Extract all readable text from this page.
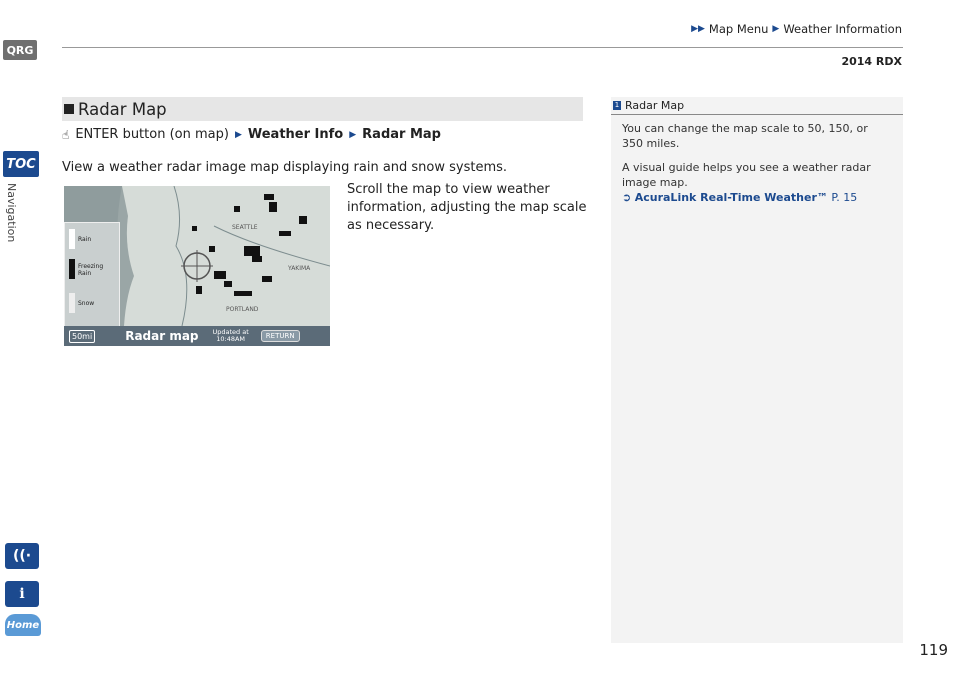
QRG
TOC
Navigation
((·
i
Home
▶▶ Map Menu ▶ Weather Information
2014 RDX
Radar Map
☝ ENTER button (on map) ▶ Weather Info ▶ Radar Map
View a weather radar image map displaying rain and snow systems.
SEATTLE
YAKIMA
PORTLAND
Rain
Freezing Rain
Snow
50mi	Radar map Updated at
10:48AM	RETURN
Scroll the map to view weather information, adjusting the map scale as necessary.
1 Radar Map

You can change the map scale to 50, 150, or 350 miles.

A visual guide helps you see a weather radar image map.

➲ AcuraLink Real-Time Weather™ P. 15
119
